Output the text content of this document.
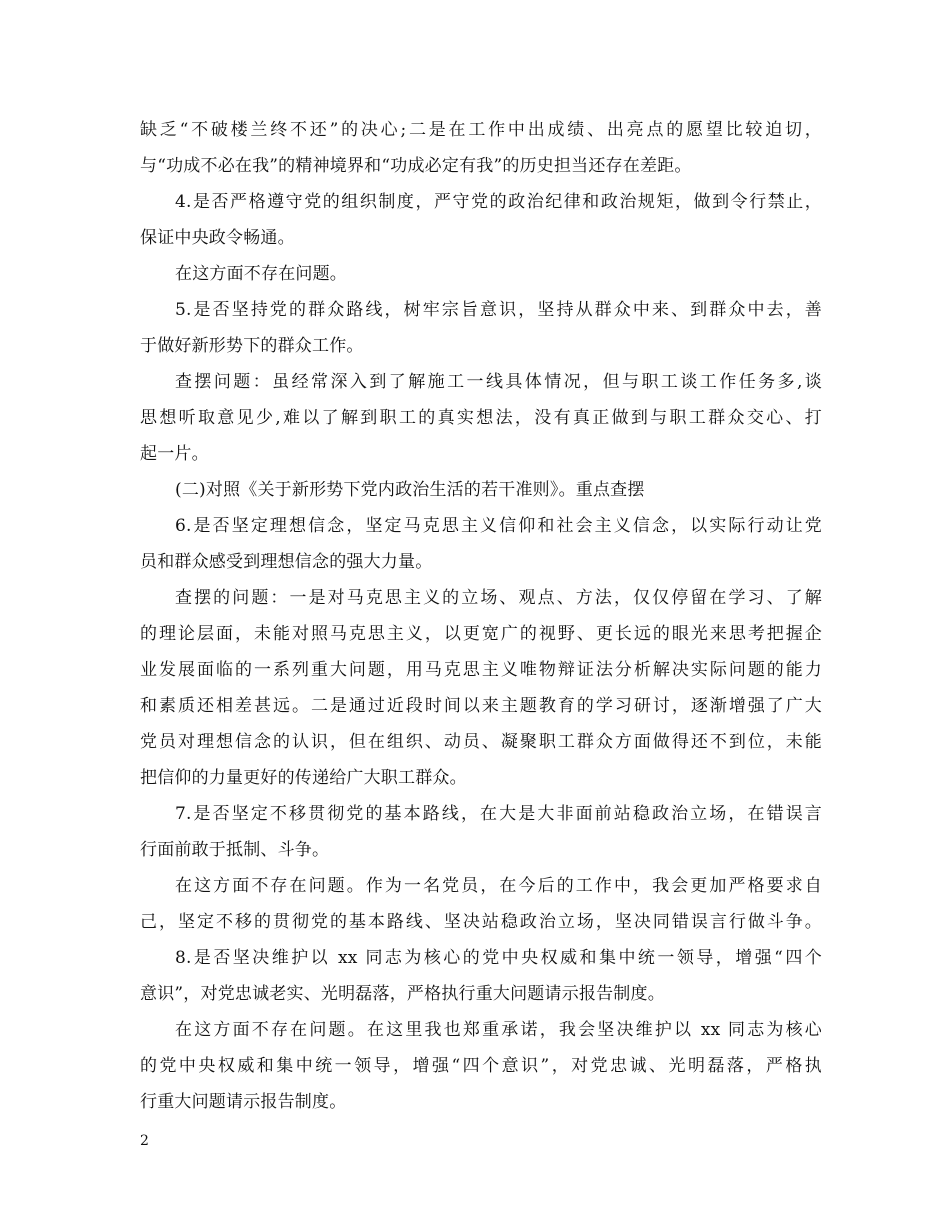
缺乏“不破楼兰终不还”的决心;二是在工作中出成绩、出亮点的愿望比较迫切，
与“功成不必在我”的精神境界和“功成必定有我”的历史担当还存在差距。
4.是否严格遵守党的组织制度，严守党的政治纪律和政治规矩，做到令行禁止，
保证中央政令畅通。
在这方面不存在问题。
5.是否坚持党的群众路线，树牢宗旨意识，坚持从群众中来、到群众中去，善
于做好新形势下的群众工作。
查摆问题：虽经常深入到了解施工一线具体情况，但与职工谈工作任务多,谈
思想听取意见少,难以了解到职工的真实想法，没有真正做到与职工群众交心、打
起一片。
(二)对照《关于新形势下党内政治生活的若干准则》。重点查摆
6.是否坚定理想信念，坚定马克思主义信仰和社会主义信念，以实际行动让党
员和群众感受到理想信念的强大力量。
查摆的问题：一是对马克思主义的立场、观点、方法，仅仅停留在学习、了解
的理论层面，未能对照马克思主义，以更宽广的视野、更长远的眼光来思考把握企
业发展面临的一系列重大问题，用马克思主义唯物辩证法分析解决实际问题的能力
和素质还相差甚远。二是通过近段时间以来主题教育的学习研讨，逐渐增强了广大
党员对理想信念的认识，但在组织、动员、凝聚职工群众方面做得还不到位，未能
把信仰的力量更好的传递给广大职工群众。
7.是否坚定不移贯彻党的基本路线，在大是大非面前站稳政治立场，在错误言
行面前敢于抵制、斗争。
在这方面不存在问题。作为一名党员，在今后的工作中，我会更加严格要求自
己，坚定不移的贯彻党的基本路线、坚决站稳政治立场，坚决同错误言行做斗争。
8.是否坚决维护以 xx 同志为核心的党中央权威和集中统一领导，增强“四个
意识”，对党忠诚老实、光明磊落，严格执行重大问题请示报告制度。
在这方面不存在问题。在这里我也郑重承诺，我会坚决维护以 xx 同志为核心
的党中央权威和集中统一领导，增强“四个意识”，对党忠诚、光明磊落，严格执
行重大问题请示报告制度。
2
